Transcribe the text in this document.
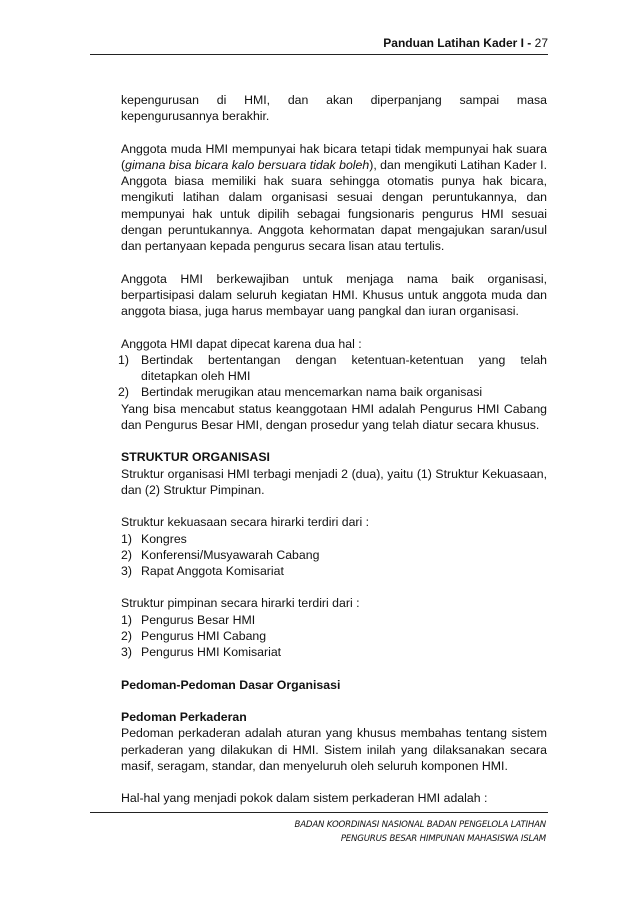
Panduan Latihan Kader I - 27

kepengurusan di HMI, dan akan diperpanjang sampai masa kepengurusannya berakhir.

Anggota muda HMI mempunyai hak bicara tetapi tidak mempunyai hak suara (gimana bisa bicara kalo bersuara tidak boleh), dan mengikuti Latihan Kader I. Anggota biasa memiliki hak suara sehingga otomatis punya hak bicara, mengikuti latihan dalam organisasi sesuai dengan peruntukannya, dan mempunyai hak untuk dipilih sebagai fungsionaris pengurus HMI sesuai dengan peruntukannya. Anggota kehormatan dapat mengajukan saran/usul dan pertanyaan kepada pengurus secara lisan atau tertulis.

Anggota HMI berkewajiban untuk menjaga nama baik organisasi, berpartisipasi dalam seluruh kegiatan HMI. Khusus untuk anggota muda dan anggota biasa, juga harus membayar uang pangkal dan iuran organisasi.

Anggota HMI dapat dipecat karena dua hal :

1) Bertindak bertentangan dengan ketentuan-ketentuan yang telah ditetapkan oleh HMI
2) Bertindak merugikan atau mencemarkan nama baik organisasi

Yang bisa mencabut status keanggotaan HMI adalah Pengurus HMI Cabang dan Pengurus Besar HMI, dengan prosedur yang telah diatur secara khusus.

STRUKTUR ORGANISASI

Struktur organisasi HMI terbagi menjadi 2 (dua), yaitu (1) Struktur Kekuasaan, dan (2) Struktur Pimpinan.

Struktur kekuasaan secara hirarki terdiri dari :

1) Kongres
2) Konferensi/Musyawarah Cabang
3) Rapat Anggota Komisariat

Struktur pimpinan secara hirarki terdiri dari :

1) Pengurus Besar HMI
2) Pengurus HMI Cabang
3) Pengurus HMI Komisariat

Pedoman-Pedoman Dasar Organisasi

Pedoman Perkaderan

Pedoman perkaderan adalah aturan yang khusus membahas tentang sistem perkaderan yang dilakukan di HMI. Sistem inilah yang dilaksanakan secara masif, seragam, standar, dan menyeluruh oleh seluruh komponen HMI.

Hal-hal yang menjadi pokok dalam sistem perkaderan HMI adalah :

BADAN KOORDINASI NASIONAL BADAN PENGELOLA LATIHAN
PENGURUS BESAR HIMPUNAN MAHASISWA ISLAM
